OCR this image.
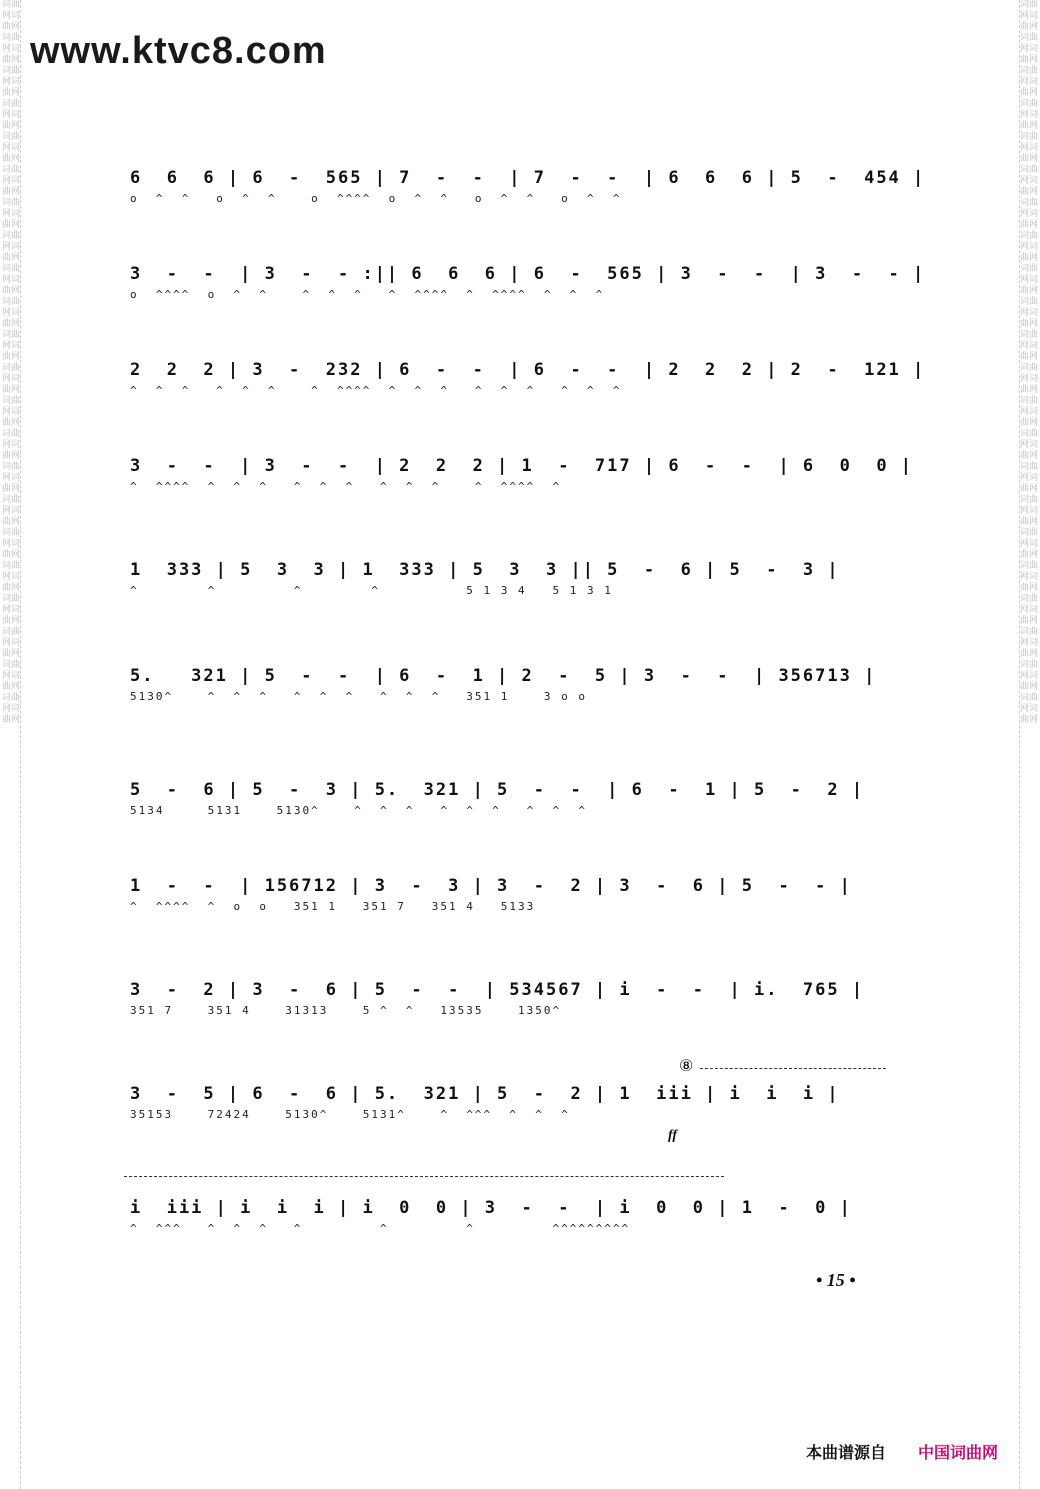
词曲网词曲网词曲网词曲网词曲网词曲网词曲网词曲网词曲网词曲网词曲网词曲网词曲网词曲网词曲网词曲网词曲网词曲网词曲网词曲网词曲网词曲网词曲网词曲网词曲网词曲网词曲网词曲网词曲网词曲网词曲网词曲网词曲网词曲网词曲网词曲网词曲网词曲网词曲网词曲网词曲网词曲网词曲网词曲网
词曲网词曲网词曲网词曲网词曲网词曲网词曲网词曲网词曲网词曲网词曲网词曲网词曲网词曲网词曲网词曲网词曲网词曲网词曲网词曲网词曲网词曲网词曲网词曲网词曲网词曲网词曲网词曲网词曲网词曲网词曲网词曲网词曲网词曲网词曲网词曲网词曲网词曲网词曲网词曲网词曲网词曲网词曲网词曲网
www.ktvc8.com
6  6  6 | 6  -  565 | 7  -  -  | 7  -  -  | 6  6  6 | 5  -  454 |
o  ^  ^   o  ^  ^    o  ^^^^  o  ^  ^   o  ^  ^   o  ^  ^
3  -  -  | 3  -  - :|| 6  6  6 | 6  -  565 | 3  -  -  | 3  -  - |
o  ^^^^  o  ^  ^    ^  ^  ^   ^  ^^^^  ^  ^^^^  ^  ^  ^
2  2  2 | 3  -  232 | 6  -  -  | 6  -  -  | 2  2  2 | 2  -  121 |
^  ^  ^   ^  ^  ^    ^  ^^^^  ^  ^  ^   ^  ^  ^   ^  ^  ^
3  -  -  | 3  -  -  | 2  2  2 | 1  -  717 | 6  -  -  | 6  0  0 |
^  ^^^^  ^  ^  ^   ^  ^  ^   ^  ^  ^    ^  ^^^^  ^
1  333 | 5  3  3 | 1  333 | 5  3  3 || 5  -  6 | 5  -  3 |
^        ^         ^        ^          5 1 3 4   5 1 3 1
5.   321 | 5  -  -  | 6  -  1 | 2  -  5 | 3  -  -  | 356713 |
5130^    ^  ^  ^   ^  ^  ^   ^  ^  ^   351 1    3 o o
5  -  6 | 5  -  3 | 5.  321 | 5  -  -  | 6  -  1 | 5  -  2 |
5134     5131    5130^    ^  ^  ^   ^  ^  ^   ^  ^  ^
1  -  -  | 156712 | 3  -  3 | 3  -  2 | 3  -  6 | 5  -  - |
^  ^^^^  ^  o  o   351 1   351 7   351 4   5133
3  -  2 | 3  -  6 | 5  -  -  | 534567 | i  -  -  | i.  765 |
351 7    351 4    31313    5 ^  ^   13535    1350^
3  -  5 | 6  -  6 | 5.  321 | 5  -  2 | 1  iii | i  i  i |
35153    72424    5130^    5131^    ^  ^^^  ^  ^  ^
i  iii | i  i  i | i  0  0 | 3  -  -  | i  0  0 | 1  -  0 |
^  ^^^   ^  ^  ^   ^         ^         ^         ^^^^^^^^^
⑧
ff
• 15 •
本曲谱源自 中国词曲网
